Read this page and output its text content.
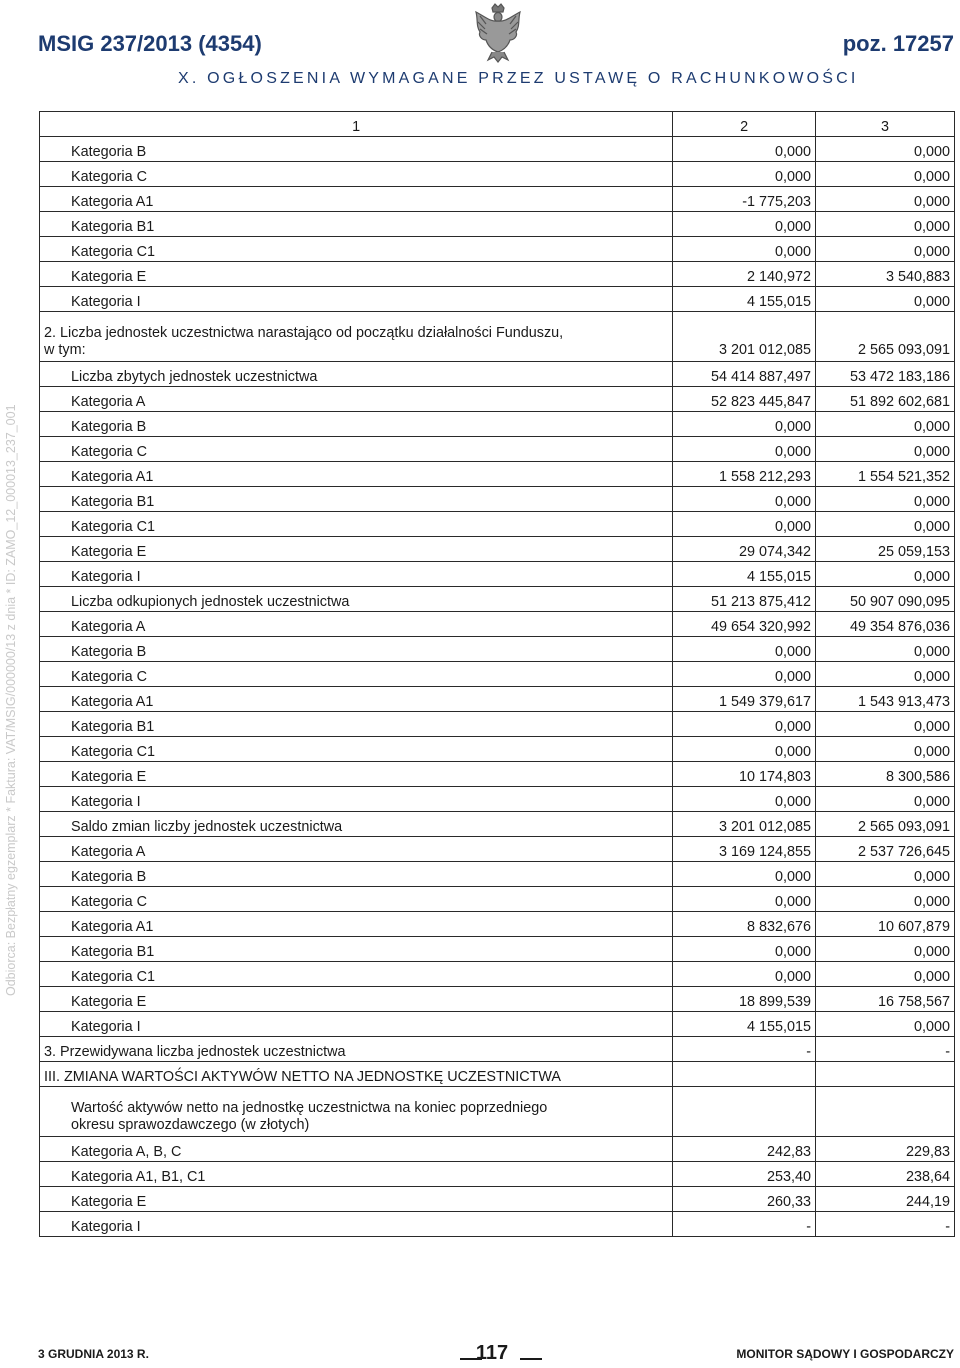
MSIG 237/2013 (4354)	poz. 17257
X. OGŁOSZENIA WYMAGANE PRZEZ USTAWĘ O RACHUNKOWOŚCI
Odbiorca: Bezpłatny egzemplarz * Faktura: VAT/MSIG/000000/13 z dnia * ID: ZAMO_12_000013_237_001
1	2	3
Kategoria B	0,000	0,000
Kategoria C	0,000	0,000
Kategoria A1	-1 775,203	0,000
Kategoria B1	0,000	0,000
Kategoria C1	0,000	0,000
Kategoria E	2 140,972	3 540,883
Kategoria I	4 155,015	0,000
2. Liczba jednostek uczestnictwa narastająco od początku działalności Funduszu,
w tym:	3 201 012,085	2 565 093,091
Liczba zbytych jednostek uczestnictwa	54 414 887,497	53 472 183,186
Kategoria A	52 823 445,847	51 892 602,681
Kategoria B	0,000	0,000
Kategoria C	0,000	0,000
Kategoria A1	1 558 212,293	1 554 521,352
Kategoria B1	0,000	0,000
Kategoria C1	0,000	0,000
Kategoria E	29 074,342	25 059,153
Kategoria I	4 155,015	0,000
Liczba odkupionych jednostek uczestnictwa	51 213 875,412	50 907 090,095
Kategoria A	49 654 320,992	49 354 876,036
Kategoria B	0,000	0,000
Kategoria C	0,000	0,000
Kategoria A1	1 549 379,617	1 543 913,473
Kategoria B1	0,000	0,000
Kategoria C1	0,000	0,000
Kategoria E	10 174,803	8 300,586
Kategoria I	0,000	0,000
Saldo zmian liczby jednostek uczestnictwa	3 201 012,085	2 565 093,091
Kategoria A	3 169 124,855	2 537 726,645
Kategoria B	0,000	0,000
Kategoria C	0,000	0,000
Kategoria A1	8 832,676	10 607,879
Kategoria B1	0,000	0,000
Kategoria C1	0,000	0,000
Kategoria E	18 899,539	16 758,567
Kategoria I	4 155,015	0,000
3. Przewidywana liczba jednostek uczestnictwa	-	-
III. ZMIANA WARTOŚCI AKTYWÓW NETTO NA JEDNOSTKĘ UCZESTNICTWA		
Wartość aktywów netto na jednostkę uczestnictwa na koniec poprzedniego
okresu sprawozdawczego (w złotych)		
Kategoria A, B, C	242,83	229,83
Kategoria A1, B1, C1	253,40	238,64
Kategoria E	260,33	244,19
Kategoria I	-	-
3 GRUDNIA 2013 R.	117	MONITOR SĄDOWY I GOSPODARCZY
